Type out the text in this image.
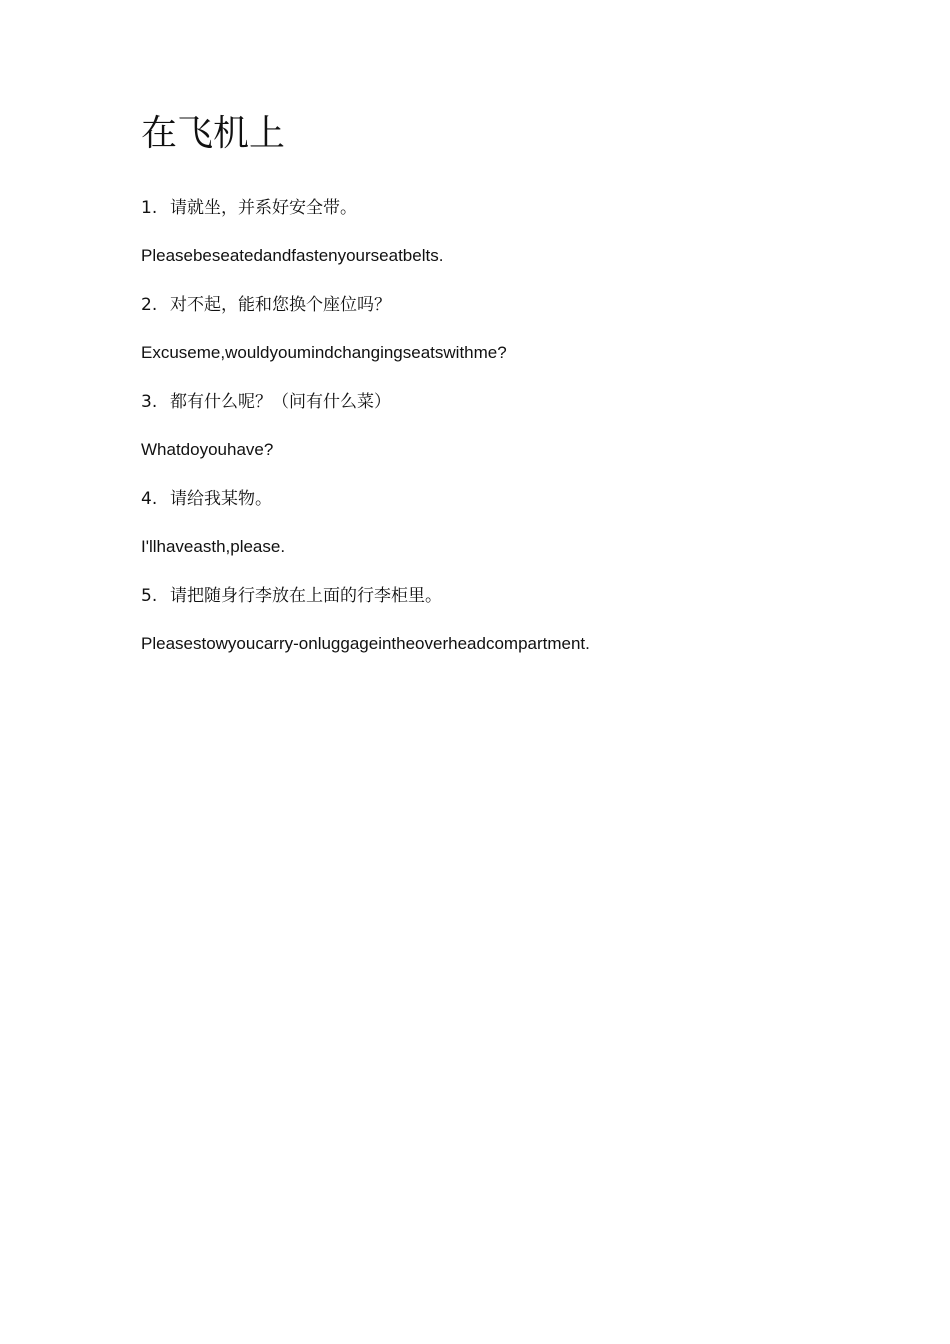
在飞机上
1. 请就坐，并系好安全带。
Pleasebeseatedandfastenyourseatbelts.
2. 对不起，能和您换个座位吗？
Excuseme,wouldyoumindchangingseatswithme?
3. 都有什么呢？（问有什么菜）
Whatdoyouhave?
4. 请给我某物。
I'llhaveasth,please.
5. 请把随身行李放在上面的行李柜里。
Pleasestowyoucarry-onluggageintheoverheadcompartment.
